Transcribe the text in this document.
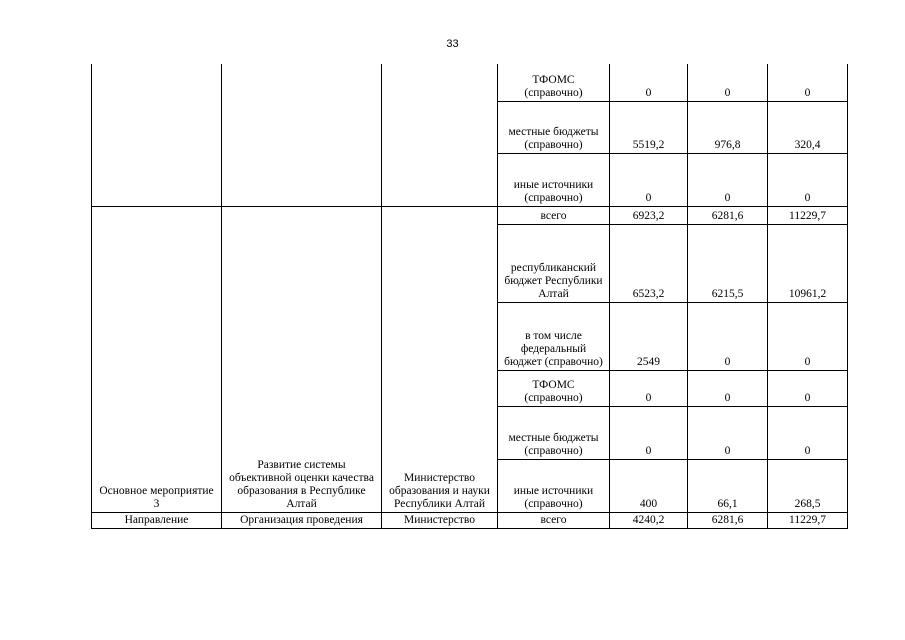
33
			ТФОМС (справочно)	0	0	0
			местные бюджеты (справочно)	5519,2	976,8	320,4
			иные источники (справочно)	0	0	0
Основное мероприятие 3	Развитие системы объективной оценки качества образования в Республике Алтай	Министерство образования и науки Республики Алтай	всего	6923,2	6281,6	11229,7
			республиканский бюджет Республики Алтай	6523,2	6215,5	10961,2
			в том числе федеральный бюджет (справочно)	2549	0	0
			ТФОМС (справочно)	0	0	0
			местные бюджеты (справочно)	0	0	0
			иные источники (справочно)	400	66,1	268,5
Направление	Организация проведения	Министерство	всего	4240,2	6281,6	11229,7
